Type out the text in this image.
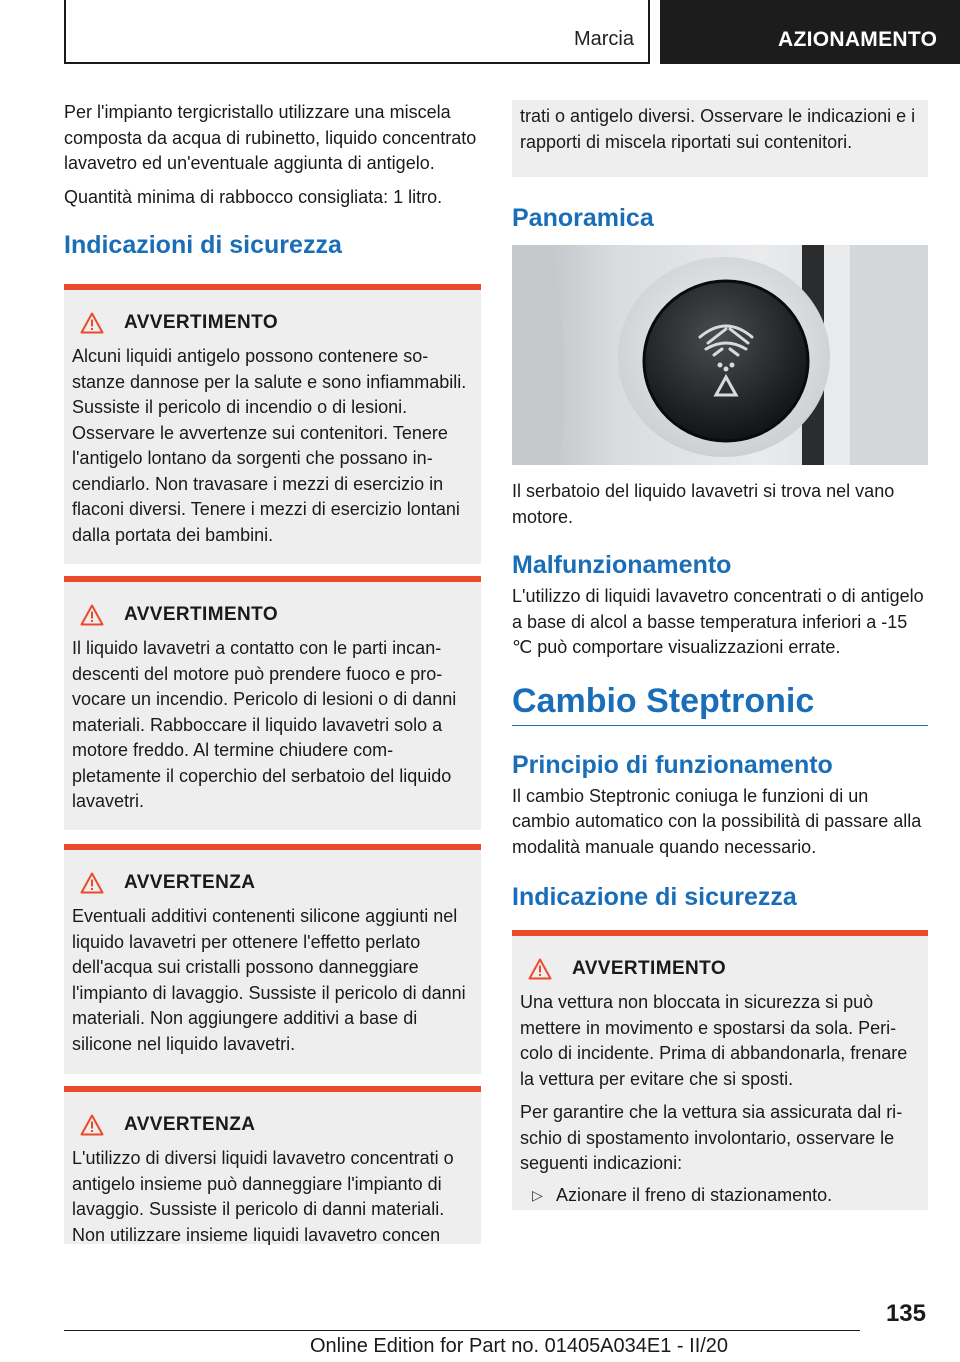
Marcia	AZIONAMENTO

Per l'impianto tergicristallo utilizzare una miscela composta da acqua di rubinetto, liquido concentrato lavavetro ed un'eventuale aggiunta di antigelo.

Quantità minima di rabbocco consigliata: 1 litro.

Indicazioni di sicurezza
AVVERTIMENTO

Alcuni liquidi antigelo possono contenere sostanze dannose per la salute e sono infiammabili. Sussiste il pericolo di incendio o di lesioni. Osservare le avvertenze sui contenitori. Tenere l'antigelo lontano da sorgenti che possano incendiarlo. Non travasare i mezzi di esercizio in flaconi diversi. Tenere i mezzi di esercizio lontani dalla portata dei bambini.

AVVERTIMENTO

Il liquido lavavetri a contatto con le parti incandescenti del motore può prendere fuoco e provocare un incendio. Pericolo di lesioni o di danni materiali. Rabboccare il liquido lavavetri solo a motore freddo. Al termine chiudere completamente il coperchio del serbatoio del liquido lavavetri.

AVVERTENZA

Eventuali additivi contenenti silicone aggiunti nel liquido lavavetri per ottenere l'effetto perlato dell'acqua sui cristalli possono danneggiare l'impianto di lavaggio. Sussiste il pericolo di danni materiali. Non aggiungere additivi a base di silicone nel liquido lavavetri.

AVVERTENZA

L'utilizzo di diversi liquidi lavavetro concentrati o antigelo insieme può danneggiare l'impianto di lavaggio. Sussiste il pericolo di danni materiali. Non utilizzare insieme liquidi lavavetro concen

trati o antigelo diversi. Osservare le indicazioni e i rapporti di miscela riportati sui contenitori.

Panoramica

Il serbatoio del liquido lavavetri si trova nel vano motore.

Malfunzionamento

L'utilizzo di liquidi lavavetro concentrati o di antigelo a base di alcol a basse temperatura inferiori a -15 ℃ può comportare visualizzazioni errate.

Cambio Steptronic
Principio di funzionamento

Il cambio Steptronic coniuga le funzioni di un cambio automatico con la possibilità di passare alla modalità manuale quando necessario.

Indicazione di sicurezza
AVVERTIMENTO

Una vettura non bloccata in sicurezza si può mettere in movimento e spostarsi da sola. Pericolo di incidente. Prima di abbandonarla, frenare la vettura per evitare che si sposti.

Per garantire che la vettura sia assicurata dal rischio di spostamento involontario, osservare le seguenti indicazioni:

▷ Azionare il freno di stazionamento.
135
Online Edition for Part no. 01405A034E1 - II/20
